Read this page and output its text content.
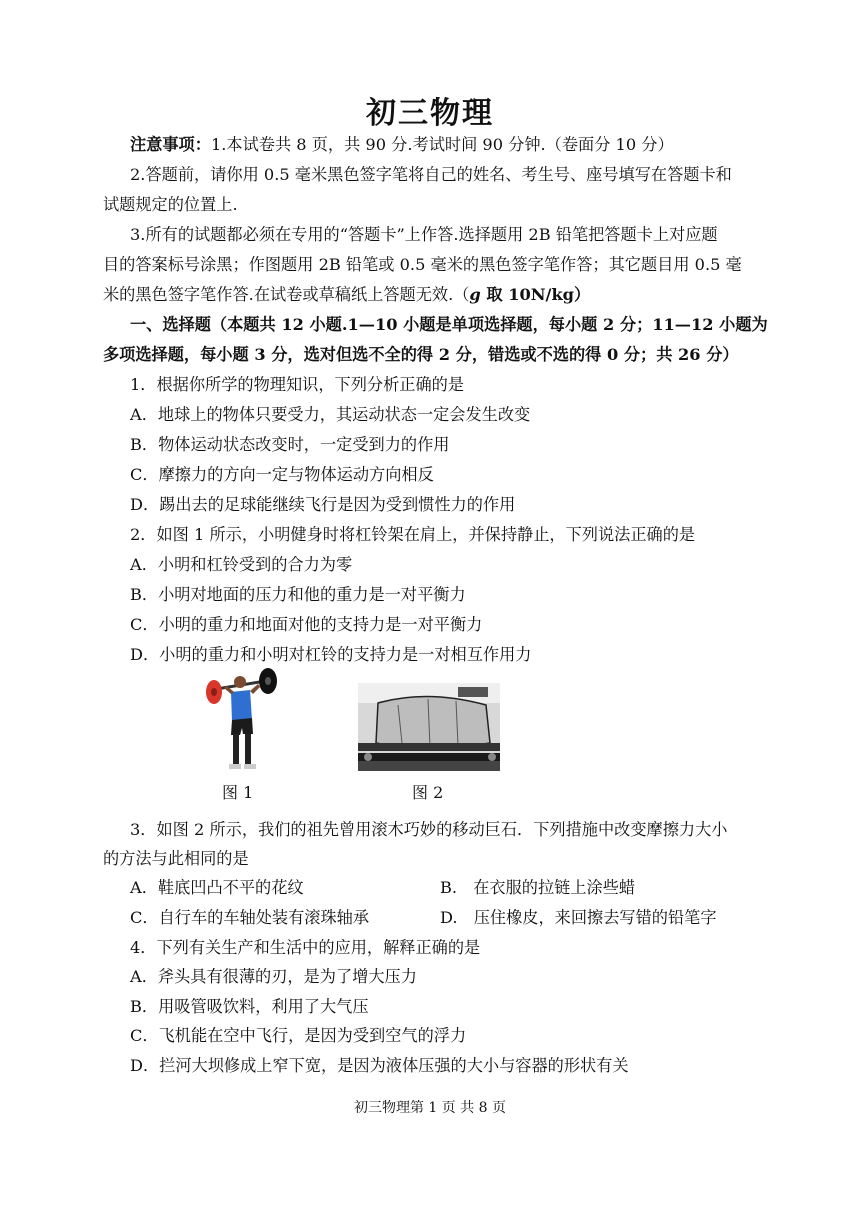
初三物理
注意事项：1.本试卷共 8 页，共 90 分.考试时间 90 分钟.（卷面分 10 分）
2.答题前，请你用 0.5 毫米黑色签字笔将自己的姓名、考生号、座号填写在答题卡和
试题规定的位置上.
3.所有的试题都必须在专用的“答题卡”上作答.选择题用 2B 铅笔把答题卡上对应题
目的答案标号涂黑；作图题用 2B 铅笔或 0.5 毫米的黑色签字笔作答；其它题目用 0.5 毫
米的黑色签字笔作答.在试卷或草稿纸上答题无效.（g 取 10N/kg）
一、选择题（本题共 12 小题.1—10 小题是单项选择题，每小题 2 分；11—12 小题为
多项选择题，每小题 3 分，选对但选不全的得 2 分，错选或不选的得 0 分；共 26 分）
1．根据你所学的物理知识，下列分析正确的是
A．地球上的物体只要受力，其运动状态一定会发生改变
B．物体运动状态改变时，一定受到力的作用
C．摩擦力的方向一定与物体运动方向相反
D．踢出去的足球能继续飞行是因为受到惯性力的作用
2．如图 1 所示，小明健身时将杠铃架在肩上，并保持静止，下列说法正确的是
A．小明和杠铃受到的合力为零
B．小明对地面的压力和他的重力是一对平衡力
C．小明的重力和地面对他的支持力是一对平衡力
D．小明的重力和小明对杠铃的支持力是一对相互作用力
图 1	图 2
3．如图 2 所示，我们的祖先曾用滚木巧妙的移动巨石．下列措施中改变摩擦力大小
的方法与此相同的是
A．鞋底凹凸不平的花纹	B.　在衣服的拉链上涂些蜡
C．自行车的车轴处装有滚珠轴承	D.　压住橡皮，来回擦去写错的铅笔字
4．下列有关生产和生活中的应用，解释正确的是
A．斧头具有很薄的刃，是为了增大压力
B．用吸管吸饮料，利用了大气压
C．飞机能在空中飞行，是因为受到空气的浮力
D．拦河大坝修成上窄下宽，是因为液体压强的大小与容器的形状有关
初三物理第 1 页 共 8 页
